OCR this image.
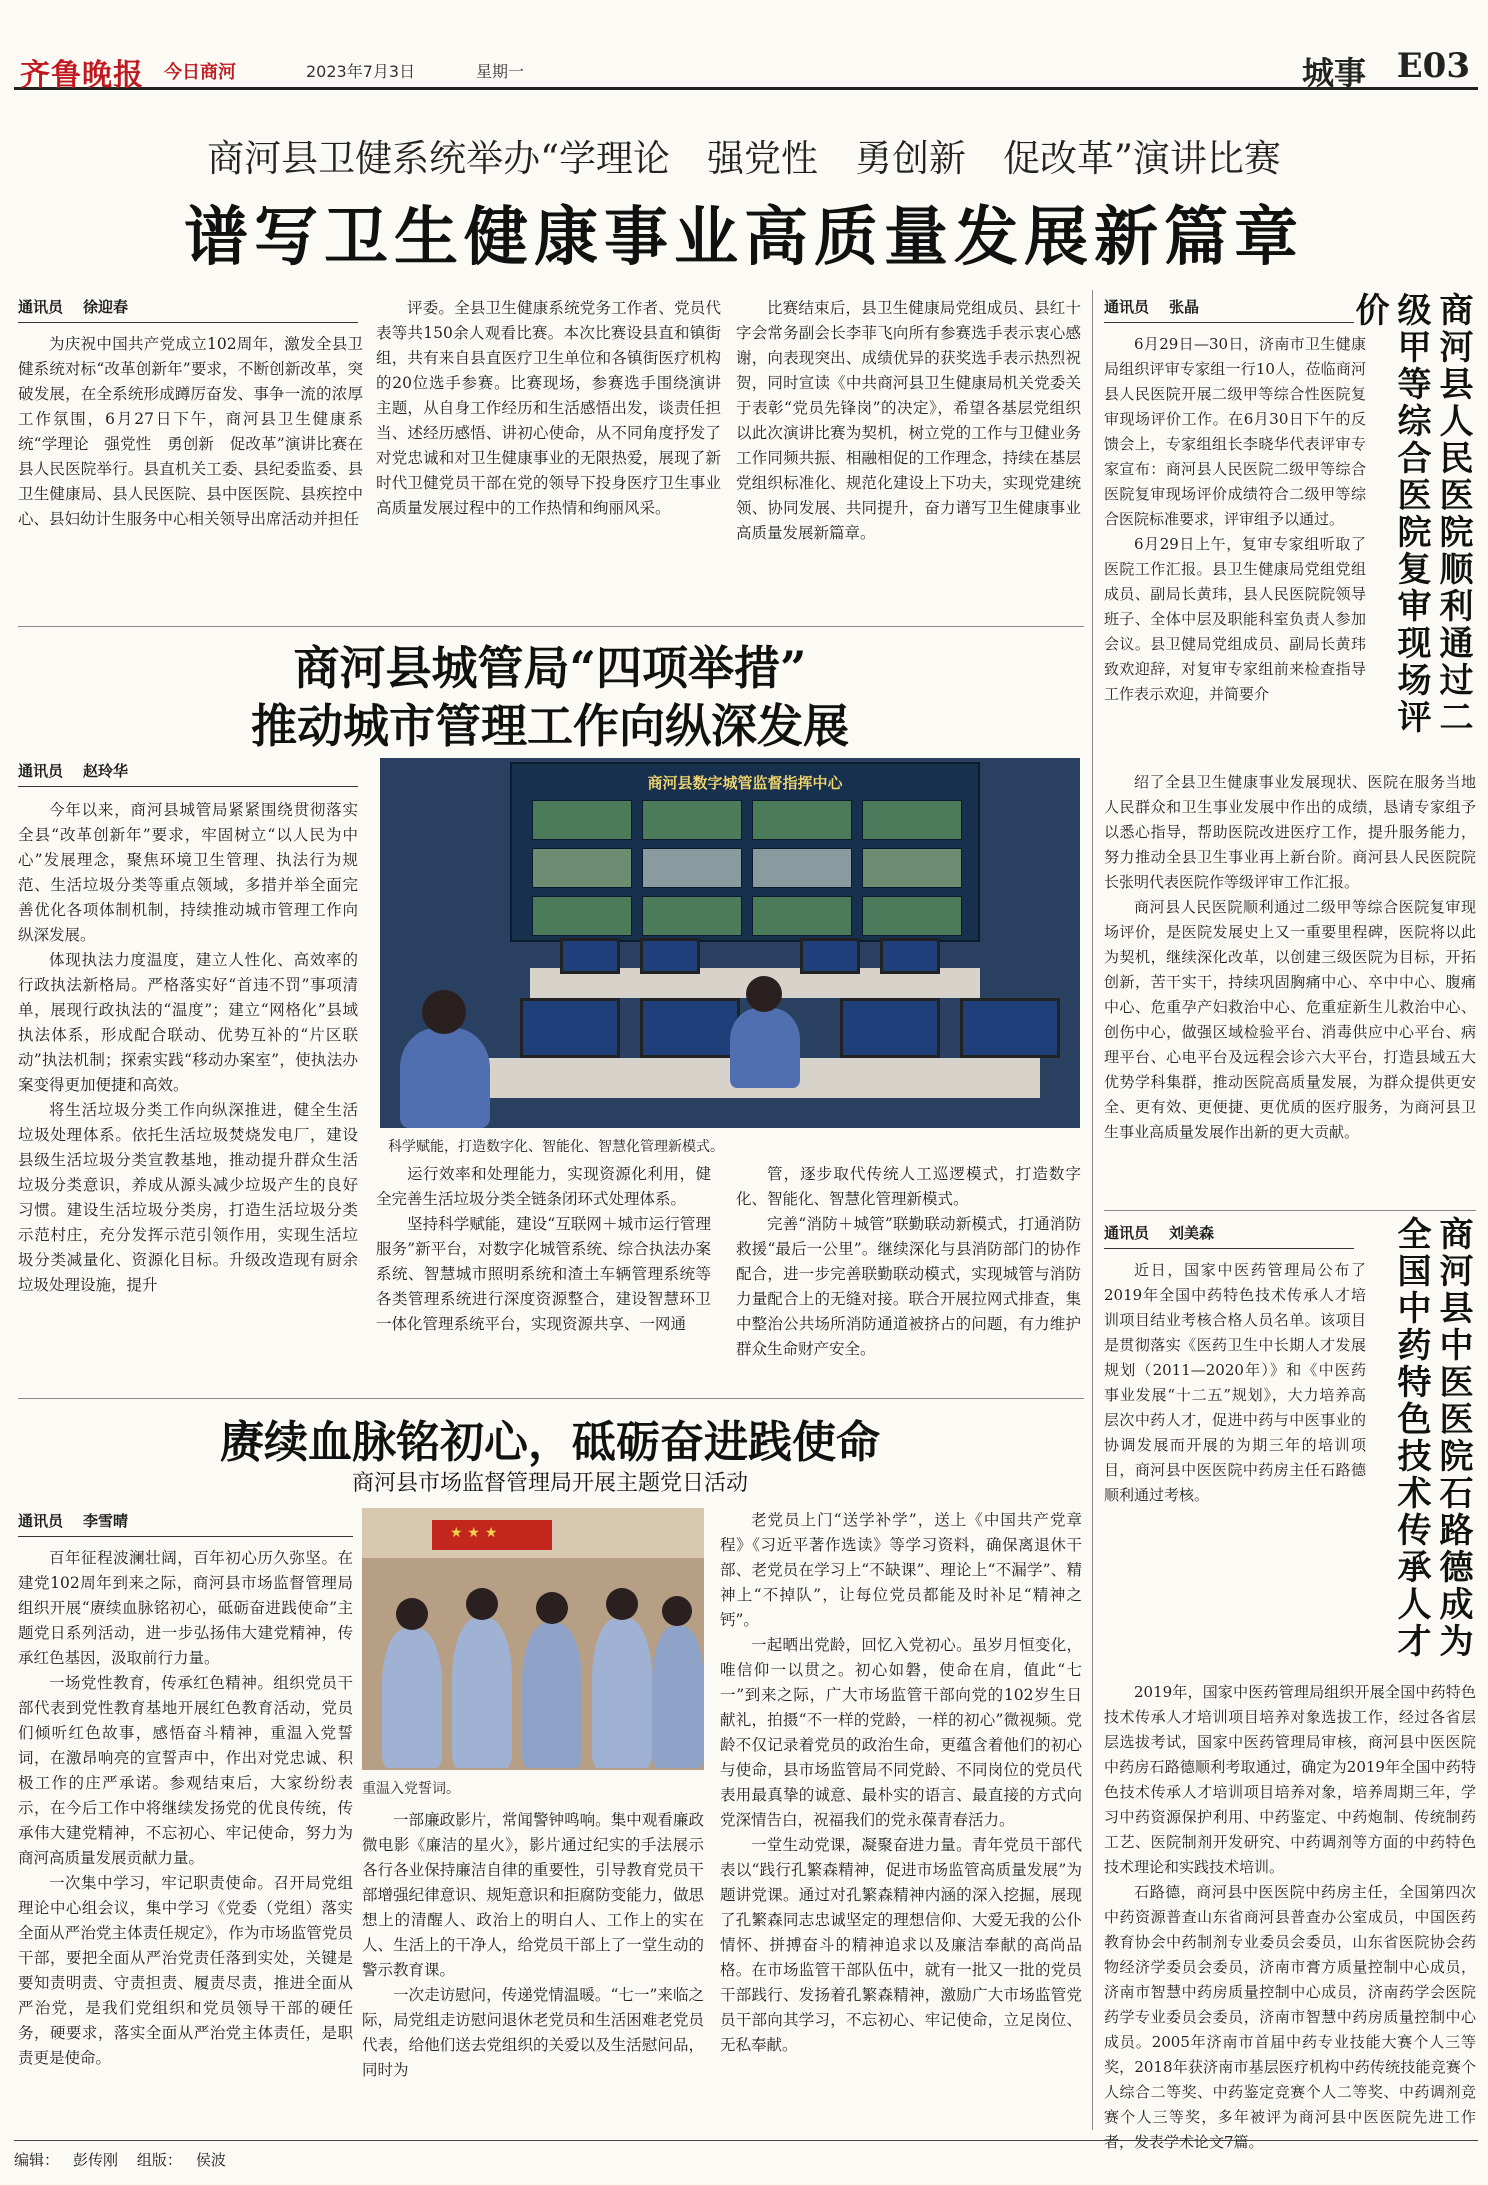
齐鲁晚报 今日商河	2023年7月3日	星期一	城事 E03
商河县卫健系统举办“学理论　强党性　勇创新　促改革”演讲比赛
谱写卫生健康事业高质量发展新篇章
通讯员 徐迎春

为庆祝中国共产党成立102周年，激发全县卫健系统对标“改革创新年”要求，不断创新改革，突破发展，在全系统形成蹲厉奋发、事争一流的浓厚工作氛围，6月27日下午，商河县卫生健康系统“学理论　强党性　勇创新　促改革”演讲比赛在县人民医院举行。县直机关工委、县纪委监委、县卫生健康局、县人民医院、县中医医院、县疾控中心、县妇幼计生服务中心相关领导出席活动并担任

评委。全县卫生健康系统党务工作者、党员代表等共150余人观看比赛。本次比赛设县直和镇街组，共有来自县直医疗卫生单位和各镇街医疗机构的20位选手参赛。比赛现场，参赛选手围绕演讲主题，从自身工作经历和生活感悟出发，谈责任担当、述经历感悟、讲初心使命，从不同角度抒发了对党忠诚和对卫生健康事业的无限热爱，展现了新时代卫健党员干部在党的领导下投身医疗卫生事业高质量发展过程中的工作热情和绚丽风采。

比赛结束后，县卫生健康局党组成员、县红十字会常务副会长李菲飞向所有参赛选手表示衷心感谢，向表现突出、成绩优异的获奖选手表示热烈祝贺，同时宣读《中共商河县卫生健康局机关党委关于表彰“党员先锋岗”的决定》，希望各基层党组织以此次演讲比赛为契机，树立党的工作与卫健业务工作同频共振、相融相促的工作理念，持续在基层党组织标准化、规范化建设上下功夫，实现党建统领、协同发展、共同提升，奋力谱写卫生健康事业高质量发展新篇章。

商河县城管局“四项举措”
推动城市管理工作向纵深发展
通讯员 赵玲华

今年以来，商河县城管局紧紧围绕贯彻落实全县“改革创新年”要求，牢固树立“以人民为中心”发展理念，聚焦环境卫生管理、执法行为规范、生活垃圾分类等重点领域，多措并举全面完善优化各项体制机制，持续推动城市管理工作向纵深发展。

体现执法力度温度，建立人性化、高效率的行政执法新格局。严格落实好“首违不罚”事项清单，展现行政执法的“温度”；建立“网格化”县域执法体系，形成配合联动、优势互补的“片区联动”执法机制；探索实践“移动办案室”，使执法办案变得更加便捷和高效。

将生活垃圾分类工作向纵深推进，健全生活垃圾处理体系。依托生活垃圾焚烧发电厂，建设县级生活垃圾分类宣教基地，推动提升群众生活垃圾分类意识，养成从源头减少垃圾产生的良好习惯。建设生活垃圾分类房，打造生活垃圾分类示范村庄，充分发挥示范引领作用，实现生活垃圾分类减量化、资源化目标。升级改造现有厨余垃圾处理设施，提升

商河县数字城管监督指挥中心
科学赋能，打造数字化、智能化、智慧化管理新模式。

运行效率和处理能力，实现资源化利用，健全完善生活垃圾分类全链条闭环式处理体系。

坚持科学赋能，建设“互联网＋城市运行管理服务”新平台，对数字化城管系统、综合执法办案系统、智慧城市照明系统和渣土车辆管理系统等各类管理系统进行深度资源整合，建设智慧环卫一体化管理系统平台，实现资源共享、一网通

管，逐步取代传统人工巡逻模式，打造数字化、智能化、智慧化管理新模式。

完善“消防＋城管”联勤联动新模式，打通消防救援“最后一公里”。继续深化与县消防部门的协作配合，进一步完善联勤联动模式，实现城管与消防力量配合上的无缝对接。联合开展拉网式排查，集中整治公共场所消防通道被挤占的问题，有力维护群众生命财产安全。

赓续血脉铭初心，砥砺奋进践使命
商河县市场监督管理局开展主题党日活动
通讯员 李雪晴

百年征程波澜壮阔，百年初心历久弥坚。在建党102周年到来之际，商河县市场监督管理局组织开展“赓续血脉铭初心，砥砺奋进践使命”主题党日系列活动，进一步弘扬伟大建党精神，传承红色基因，汲取前行力量。

一场党性教育，传承红色精神。组织党员干部代表到党性教育基地开展红色教育活动，党员们倾听红色故事，感悟奋斗精神，重温入党誓词，在激昂响亮的宣誓声中，作出对党忠诚、积极工作的庄严承诺。参观结束后，大家纷纷表示，在今后工作中将继续发扬党的优良传统，传承伟大建党精神，不忘初心、牢记使命，努力为商河高质量发展贡献力量。

一次集中学习，牢记职责使命。召开局党组理论中心组会议，集中学习《党委（党组）落实全面从严治党主体责任规定》，作为市场监管党员干部，要把全面从严治党责任落到实处，关键是要知责明责、守责担责、履责尽责，推进全面从严治党，是我们党组织和党员领导干部的硬任务，硬要求，落实全面从严治党主体责任，是职责更是使命。

★ ★ ★
重温入党誓词。

一部廉政影片，常闻警钟鸣响。集中观看廉政微电影《廉洁的星火》，影片通过纪实的手法展示各行各业保持廉洁自律的重要性，引导教育党员干部增强纪律意识、规矩意识和拒腐防变能力，做思想上的清醒人、政治上的明白人、工作上的实在人、生活上的干净人，给党员干部上了一堂生动的警示教育课。

一次走访慰问，传递党情温暖。“七一”来临之际，局党组走访慰问退休老党员和生活困难老党员代表，给他们送去党组织的关爱以及生活慰问品，同时为

老党员上门“送学补学”，送上《中国共产党章程》《习近平著作选读》等学习资料，确保离退休干部、老党员在学习上“不缺课”、理论上“不漏学”、精神上“不掉队”，让每位党员都能及时补足“精神之钙”。

一起晒出党龄，回忆入党初心。虽岁月恒变化，唯信仰一以贯之。初心如磐，使命在肩，值此“七一”到来之际，广大市场监管干部向党的102岁生日献礼，拍摄“不一样的党龄，一样的初心”微视频。党龄不仅记录着党员的政治生命，更蕴含着他们的初心与使命，县市场监管局不同党龄、不同岗位的党员代表用最真挚的诚意、最朴实的语言、最直接的方式向党深情告白，祝福我们的党永葆青春活力。

一堂生动党课，凝聚奋进力量。青年党员干部代表以“践行孔繁森精神，促进市场监管高质量发展”为题讲党课。通过对孔繁森精神内涵的深入挖掘，展现了孔繁森同志忠诚坚定的理想信仰、大爱无我的公仆情怀、拼搏奋斗的精神追求以及廉洁奉献的高尚品格。在市场监管干部队伍中，就有一批又一批的党员干部践行、发扬着孔繁森精神，激励广大市场监管党员干部向其学习，不忘初心、牢记使命，立足岗位、无私奉献。

通讯员 张晶	商河县人民医院顺利通过二级甲等综合医院复审现场评价

6月29日—30日，济南市卫生健康局组织评审专家组一行10人，莅临商河县人民医院开展二级甲等综合性医院复审现场评价工作。在6月30日下午的反馈会上，专家组组长李晓华代表评审专家宣布：商河县人民医院二级甲等综合医院复审现场评价成绩符合二级甲等综合医院标准要求，评审组予以通过。

6月29日上午，复审专家组听取了医院工作汇报。县卫生健康局党组党组成员、副局长黄玮，县人民医院院领导班子、全体中层及职能科室负责人参加会议。县卫健局党组成员、副局长黄玮致欢迎辞，对复审专家组前来检查指导工作表示欢迎，并简要介

绍了全县卫生健康事业发展现状、医院在服务当地人民群众和卫生事业发展中作出的成绩，恳请专家组予以悉心指导，帮助医院改进医疗工作，提升服务能力，努力推动全县卫生事业再上新台阶。商河县人民医院院长张明代表医院作等级评审工作汇报。

商河县人民医院顺利通过二级甲等综合医院复审现场评价，是医院发展史上又一重要里程碑，医院将以此为契机，继续深化改革，以创建三级医院为目标，开拓创新，苦干实干，持续巩固胸痛中心、卒中中心、腹痛中心、危重孕产妇救治中心、危重症新生儿救治中心、创伤中心，做强区域检验平台、消毒供应中心平台、病理平台、心电平台及远程会诊六大平台，打造县域五大优势学科集群，推动医院高质量发展，为群众提供更安全、更有效、更便捷、更优质的医疗服务，为商河县卫生事业高质量发展作出新的更大贡献。

通讯员 刘美森	商河县中医医院石路德成为全国中药特色技术传承人才

近日，国家中医药管理局公布了2019年全国中药特色技术传承人才培训项目结业考核合格人员名单。该项目是贯彻落实《医药卫生中长期人才发展规划（2011—2020年）》和《中医药事业发展“十二五”规划》，大力培养高层次中药人才，促进中药与中医事业的协调发展而开展的为期三年的培训项目，商河县中医医院中药房主任石路德顺利通过考核。

2019年，国家中医药管理局组织开展全国中药特色技术传承人才培训项目培养对象选拔工作，经过各省层层选拔考试，国家中医药管理局审核，商河县中医医院中药房石路德顺利考取通过，确定为2019年全国中药特色技术传承人才培训项目培养对象，培养周期三年，学习中药资源保护利用、中药鉴定、中药炮制、传统制药工艺、医院制剂开发研究、中药调剂等方面的中药特色技术理论和实践技术培训。

石路德，商河县中医医院中药房主任，全国第四次中药资源普查山东省商河县普查办公室成员，中国医药教育协会中药制剂专业委员会委员，山东省医院协会药物经济学委员会委员，济南市膏方质量控制中心成员，济南市智慧中药房质量控制中心成员，济南药学会医院药学专业委员会委员，济南市智慧中药房质量控制中心成员。2005年济南市首届中药专业技能大赛个人三等奖，2018年获济南市基层医疗机构中药传统技能竞赛个人综合二等奖、中药鉴定竞赛个人二等奖、中药调剂竞赛个人三等奖，多年被评为商河县中医医院先进工作者，发表学术论文7篇。

编辑： 彭传刚 组版： 侯波
